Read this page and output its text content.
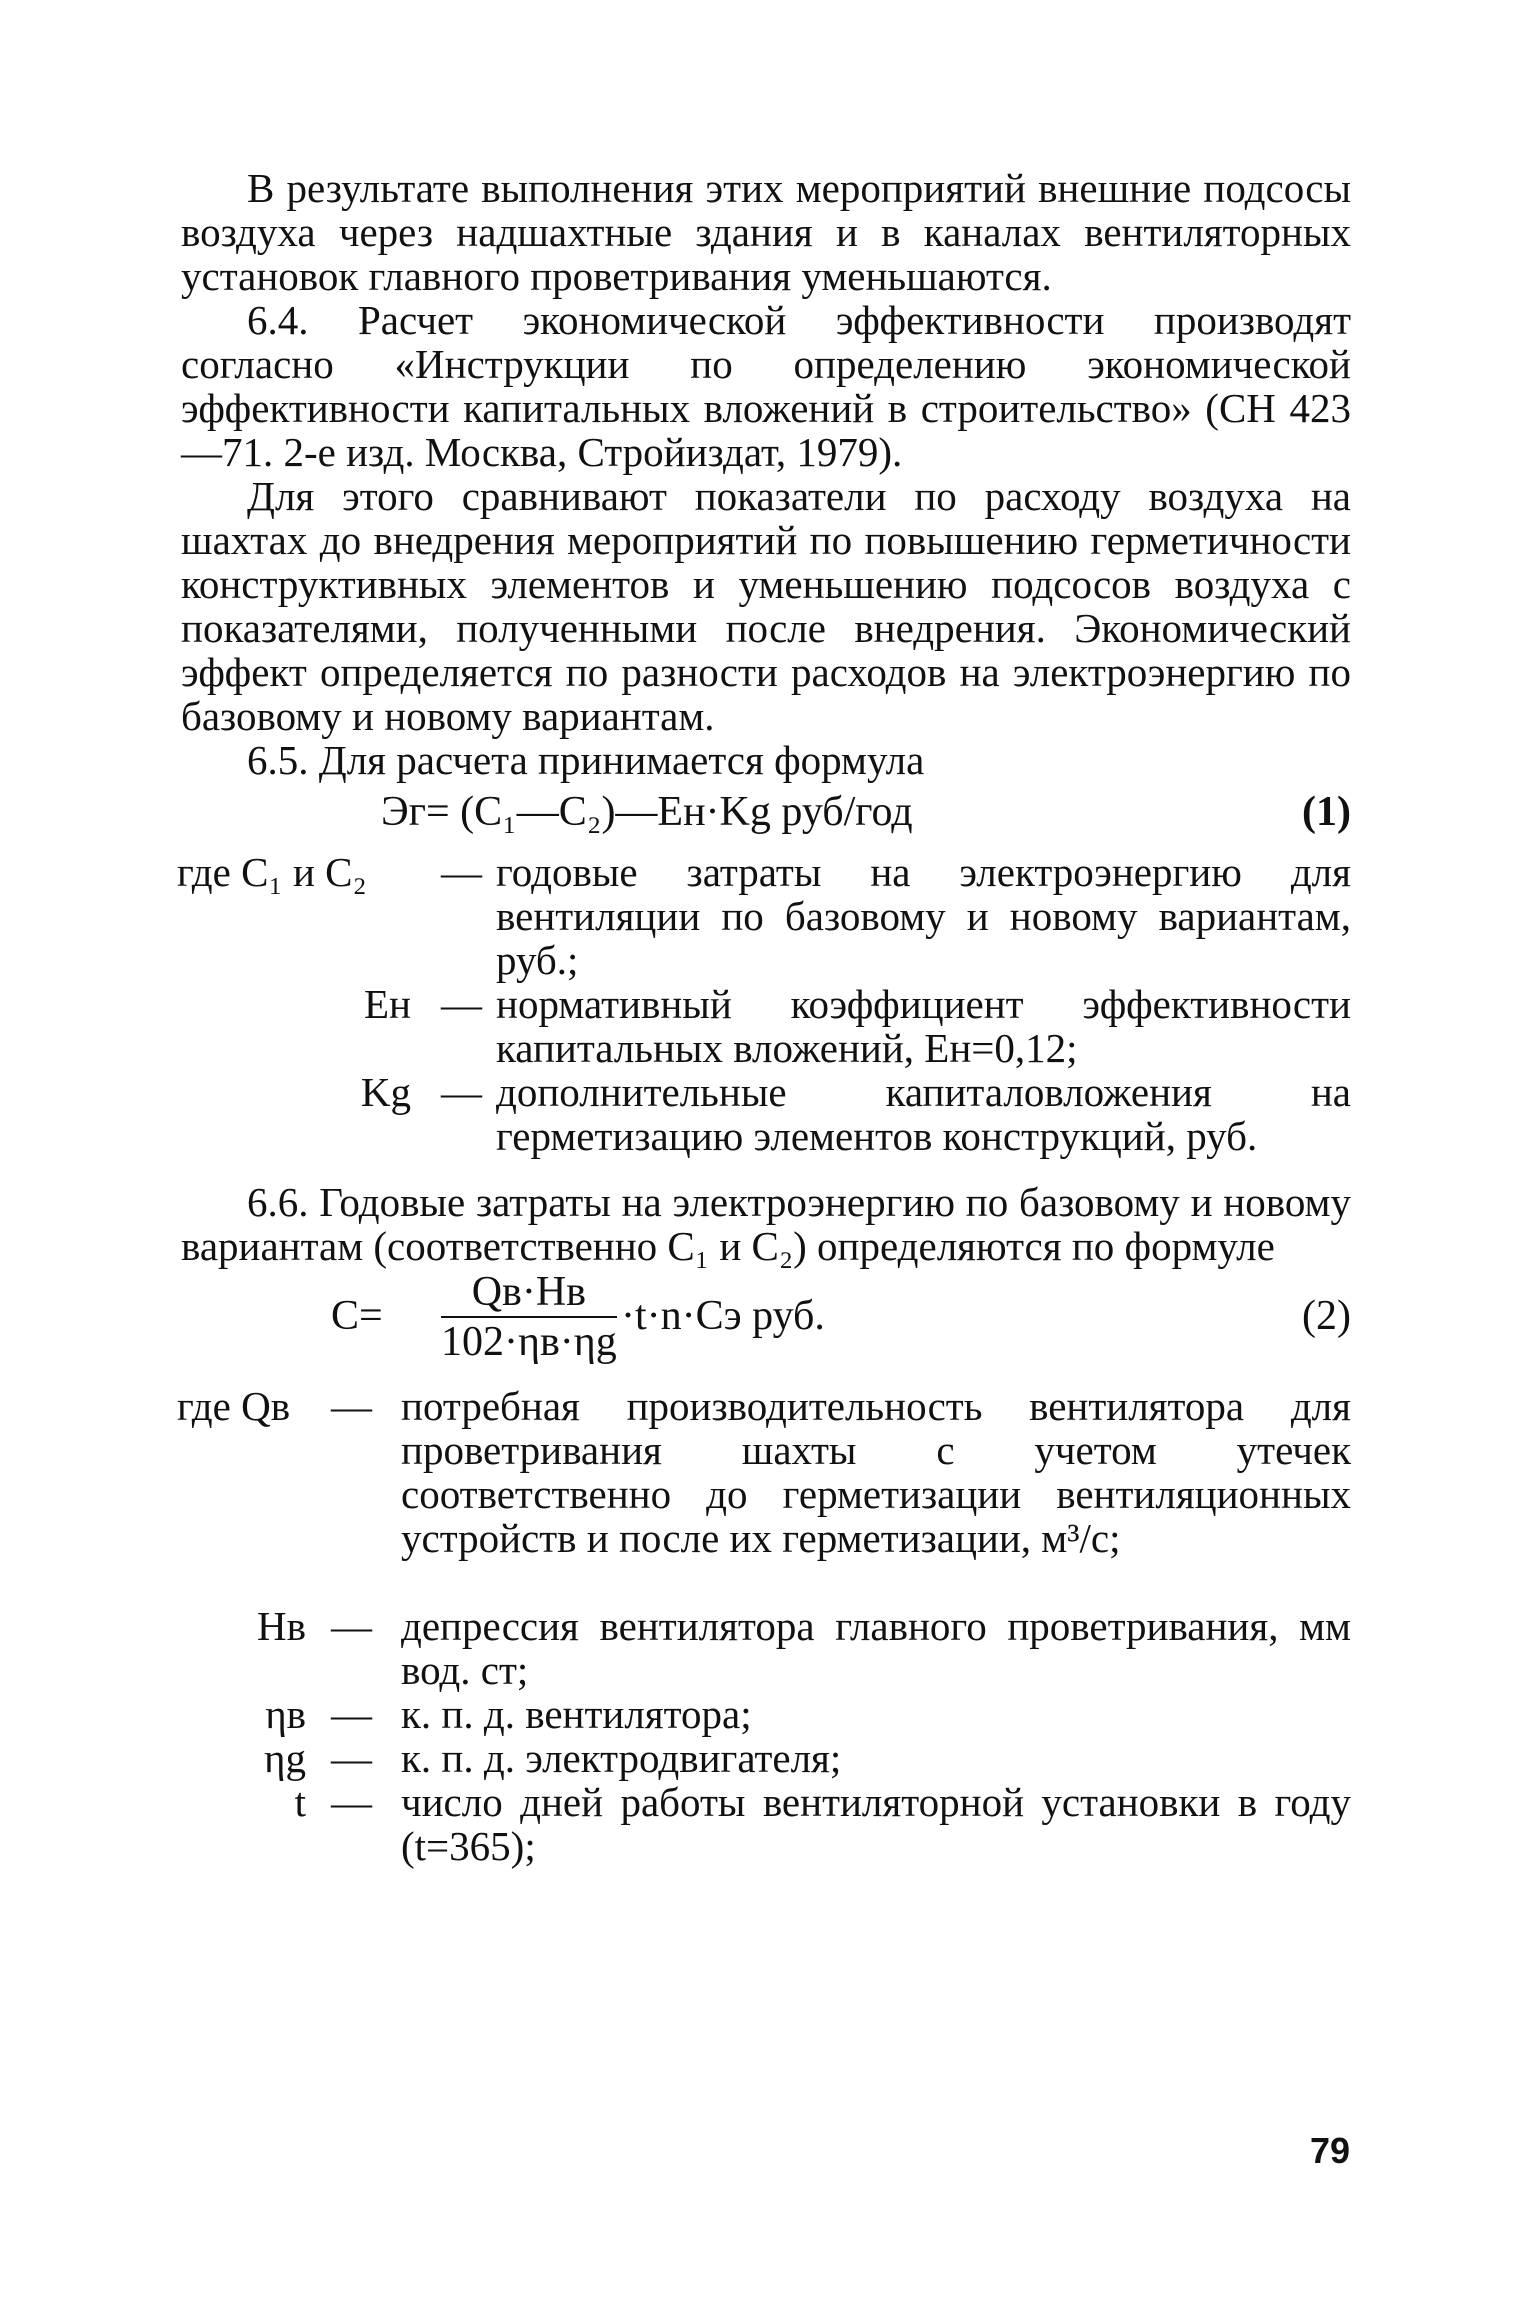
В результате выполнения этих мероприятий внешние подсосы воздуха через надшахтные здания и в каналах вентиляторных установок главного проветривания уменьшаются.

6.4. Расчет экономической эффективности производят согласно «Инструкции по определению экономической эффективности капитальных вложений в строительство» (СН 423—71. 2-е изд. Москва, Стройиздат, 1979).

Для этого сравнивают показатели по расходу воздуха на шахтах до внедрения мероприятий по повышению герметичности конструктивных элементов и уменьшению подсосов воздуха с показателями, полученными после внедрения. Экономический эффект определяется по разности расходов на электроэнергию по базовому и новому вариантам.

6.5. Для расчета принимается формула

Эг= (C₁—C₂)—Eн·Kg руб/год	(1)
где C₁ и C₂	— годовые затраты на электроэнергию для вентиляции по базовому и новому вариантам, руб.;
Eн — нормативный коэффициент эффективности капитальных вложений, Eн=0,12;
Kg — дополнительные капиталовложения на герметизацию элементов конструкций, руб.

6.6. Годовые затраты на электроэнергию по базовому и новому вариантам (соответственно C₁ и C₂) определяются по формуле

C=
Qв·Hв
102·ηв·ηg
·t·n·Cэ руб.	(2)
где Qв — потребная производительность вентилятора для проветривания шахты с учетом утечек соответственно до герметизации вентиляционных устройств и после их герметизации, м³/с;
Hв — депрессия вентилятора главного проветривания, мм вод. ст;
ηв — к. п. д. вентилятора;
ηg — к. п. д. электродвигателя;
t — число дней работы вентиляторной установки в году (t=365);
79
